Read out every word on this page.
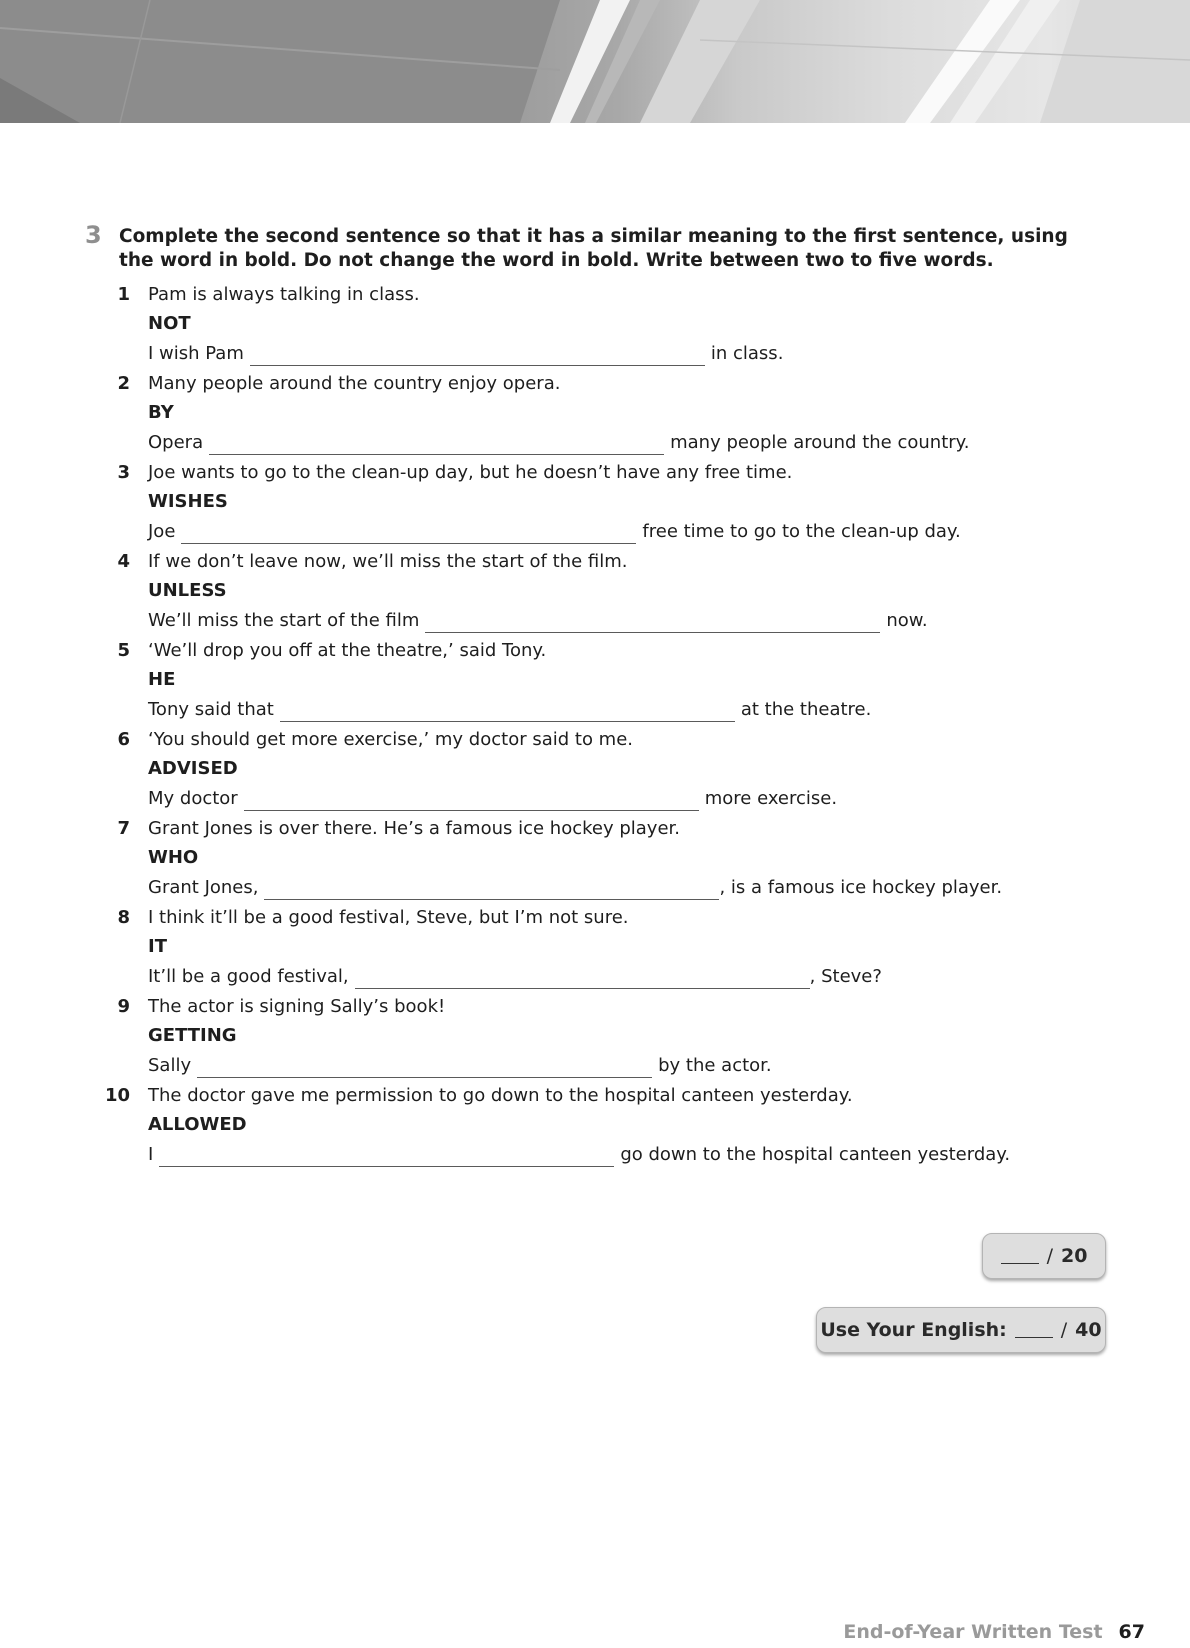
3 Complete the second sentence so that it has a similar meaning to the first sentence, using the word in bold. Do not change the word in bold. Write between two to five words.
1 Pam is always talking in class.
NOT
I wish Pam	in class.
2 Many people around the country enjoy opera.
BY
Opera	many people around the country.
3 Joe wants to go to the clean-up day, but he doesn’t have any free time.
WISHES
Joe	free time to go to the clean-up day.
4 If we don’t leave now, we’ll miss the start of the film.
UNLESS
We’ll miss the start of the film	now.
5 ‘We’ll drop you off at the theatre,’ said Tony.
HE
Tony said that	at the theatre.
6 ‘You should get more exercise,’ my doctor said to me.
ADVISED
My doctor	more exercise.
7 Grant Jones is over there. He’s a famous ice hockey player.
WHO
Grant Jones,	, is a famous ice hockey player.
8 I think it’ll be a good festival, Steve, but I’m not sure.
IT
It’ll be a good festival,	, Steve?
9 The actor is signing Sally’s book!
GETTING
Sally	by the actor.
10 The doctor gave me permission to go down to the hospital canteen yesterday.
ALLOWED
I	go down to the hospital canteen yesterday.
/ 20
Use Your English:	/ 40
End-of-Year Written Test 67
